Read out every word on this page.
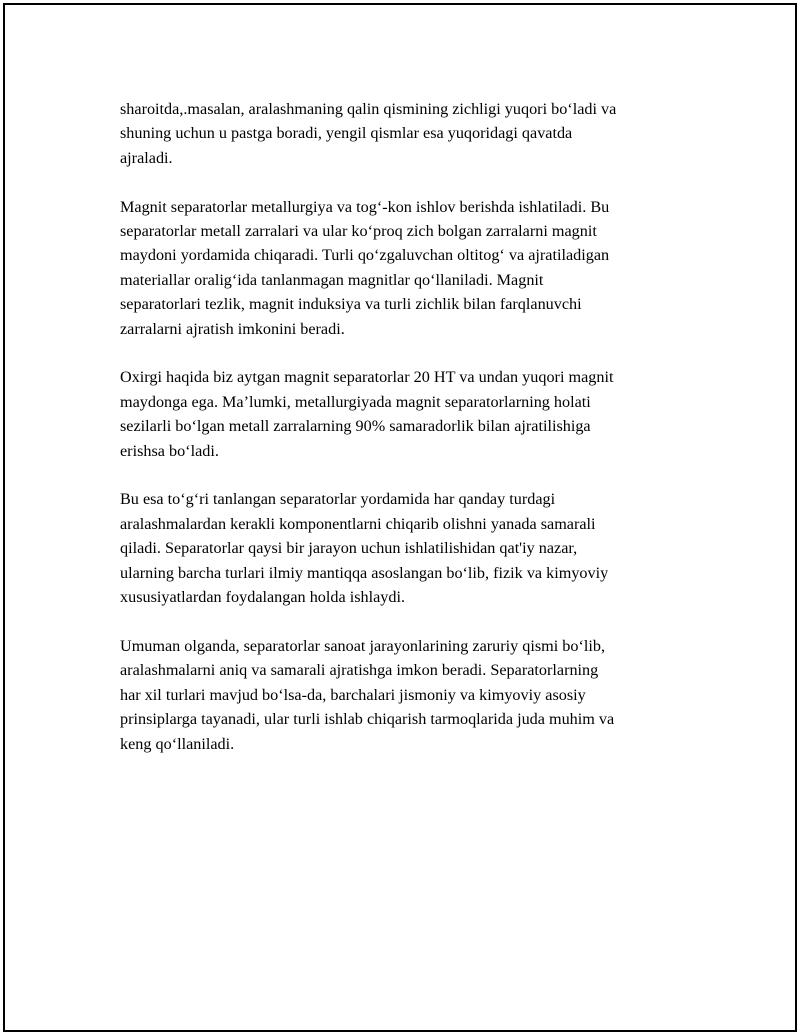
sharoitda,.masalan, aralashmaning qalin qismining zichligi yuqori bo‘ladi va
shuning uchun u pastga boradi, yengil qismlar esa yuqoridagi qavatda
ajraladi.

Magnit separatorlar metallurgiya va tog‘-kon ishlov berishda ishlatiladi. Bu
separatorlar metall zarralari va ular ko‘proq zich bolgan zarralarni magnit
maydoni yordamida chiqaradi. Turli qo‘zgaluvchan oltitog‘ va ajratiladigan
materiallar oralig‘ida tanlanmagan magnitlar qo‘llaniladi. Magnit
separatorlari tezlik, magnit induksiya va turli zichlik bilan farqlanuvchi
zarralarni ajratish imkonini beradi.

Oxirgi haqida biz aytgan magnit separatorlar 20 HT va undan yuqori magnit
maydonga ega. Ma’lumki, metallurgiyada magnit separatorlarning holati
sezilarli bo‘lgan metall zarralarning 90% samaradorlik bilan ajratilishiga
erishsa bo‘ladi.

Bu esa to‘g‘ri tanlangan separatorlar yordamida har qanday turdagi
aralashmalardan kerakli komponentlarni chiqarib olishni yanada samarali
qiladi. Separatorlar qaysi bir jarayon uchun ishlatilishidan qat'iy nazar,
ularning barcha turlari ilmiy mantiqqa asoslangan bo‘lib, fizik va kimyoviy
xususiyatlardan foydalangan holda ishlaydi.

Umuman olganda, separatorlar sanoat jarayonlarining zaruriy qismi bo‘lib,
aralashmalarni aniq va samarali ajratishga imkon beradi. Separatorlarning
har xil turlari mavjud bo‘lsa-da, barchalari jismoniy va kimyoviy asosiy
prinsiplarga tayanadi, ular turli ishlab chiqarish tarmoqlarida juda muhim va
keng qo‘llaniladi.
